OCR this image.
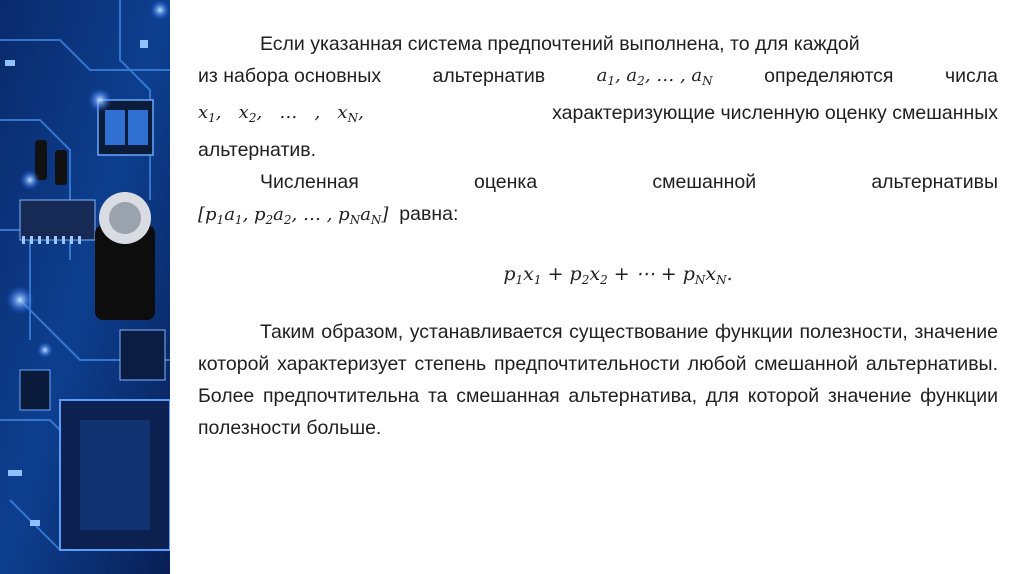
Если указанная система предпочтений выполнена, то для каждой
из набора основных	альтернатив	$a_1$, $a_2$, … , $a_N$	определяются	числа
$x_1$,   $x_2$,   …   ,   $x_N$,	характеризующие численную оценку смешанных
альтернатив.
Численная	оценка	смешанной	альтернативы
[$p_1a_1$, $p_2a_2$, … , $p_Na_N$] равна:
$p_1x_1 + p_2x_2$ + ⋯ + $p_Nx_N$.
Таким образом, устанавливается существование функции полезности, значение которой характеризует степень предпочтительности любой смешанной альтернативы. Более предпочтительна та смешанная альтернатива, для которой значение функции полезности больше.
